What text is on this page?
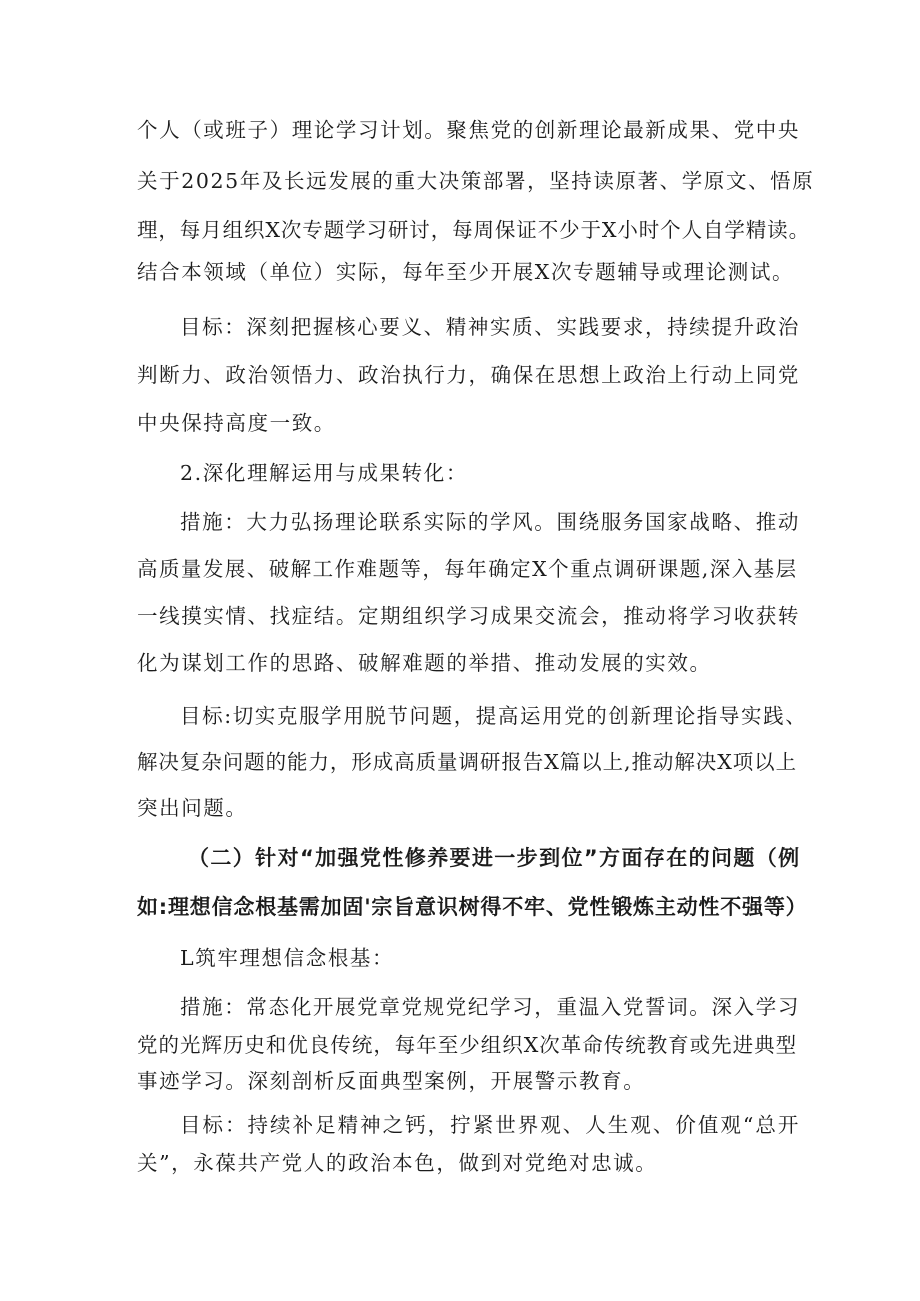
个人（或班子）理论学习计划。聚焦党的创新理论最新成果、党中央
关于2025年及长远发展的重大决策部署，坚持读原著、学原文、悟原
理，每月组织X次专题学习研讨，每周保证不少于X小时个人自学精读。
结合本领域（单位）实际，每年至少开展X次专题辅导或理论测试。
目标：深刻把握核心要义、精神实质、实践要求，持续提升政治
判断力、政治领悟力、政治执行力，确保在思想上政治上行动上同党
中央保持高度一致。
2.深化理解运用与成果转化：
措施：大力弘扬理论联系实际的学风。围绕服务国家战略、推动
高质量发展、破解工作难题等，每年确定X个重点调研课题,深入基层
一线摸实情、找症结。定期组织学习成果交流会，推动将学习收获转
化为谋划工作的思路、破解难题的举措、推动发展的实效。
目标:切实克服学用脱节问题，提高运用党的创新理论指导实践、
解决复杂问题的能力，形成高质量调研报告X篇以上,推动解决X项以上
突出问题。
（二）针对“加强党性修养要进一步到位”方面存在的问题（例
如:理想信念根基需加固'宗旨意识树得不牢、党性锻炼主动性不强等）
L筑牢理想信念根基：
措施：常态化开展党章党规党纪学习，重温入党誓词。深入学习
党的光辉历史和优良传统，每年至少组织X次革命传统教育或先进典型
事迹学习。深刻剖析反面典型案例，开展警示教育。
目标：持续补足精神之钙，拧紧世界观、人生观、价值观“总开
关”，永葆共产党人的政治本色，做到对党绝对忠诚。
